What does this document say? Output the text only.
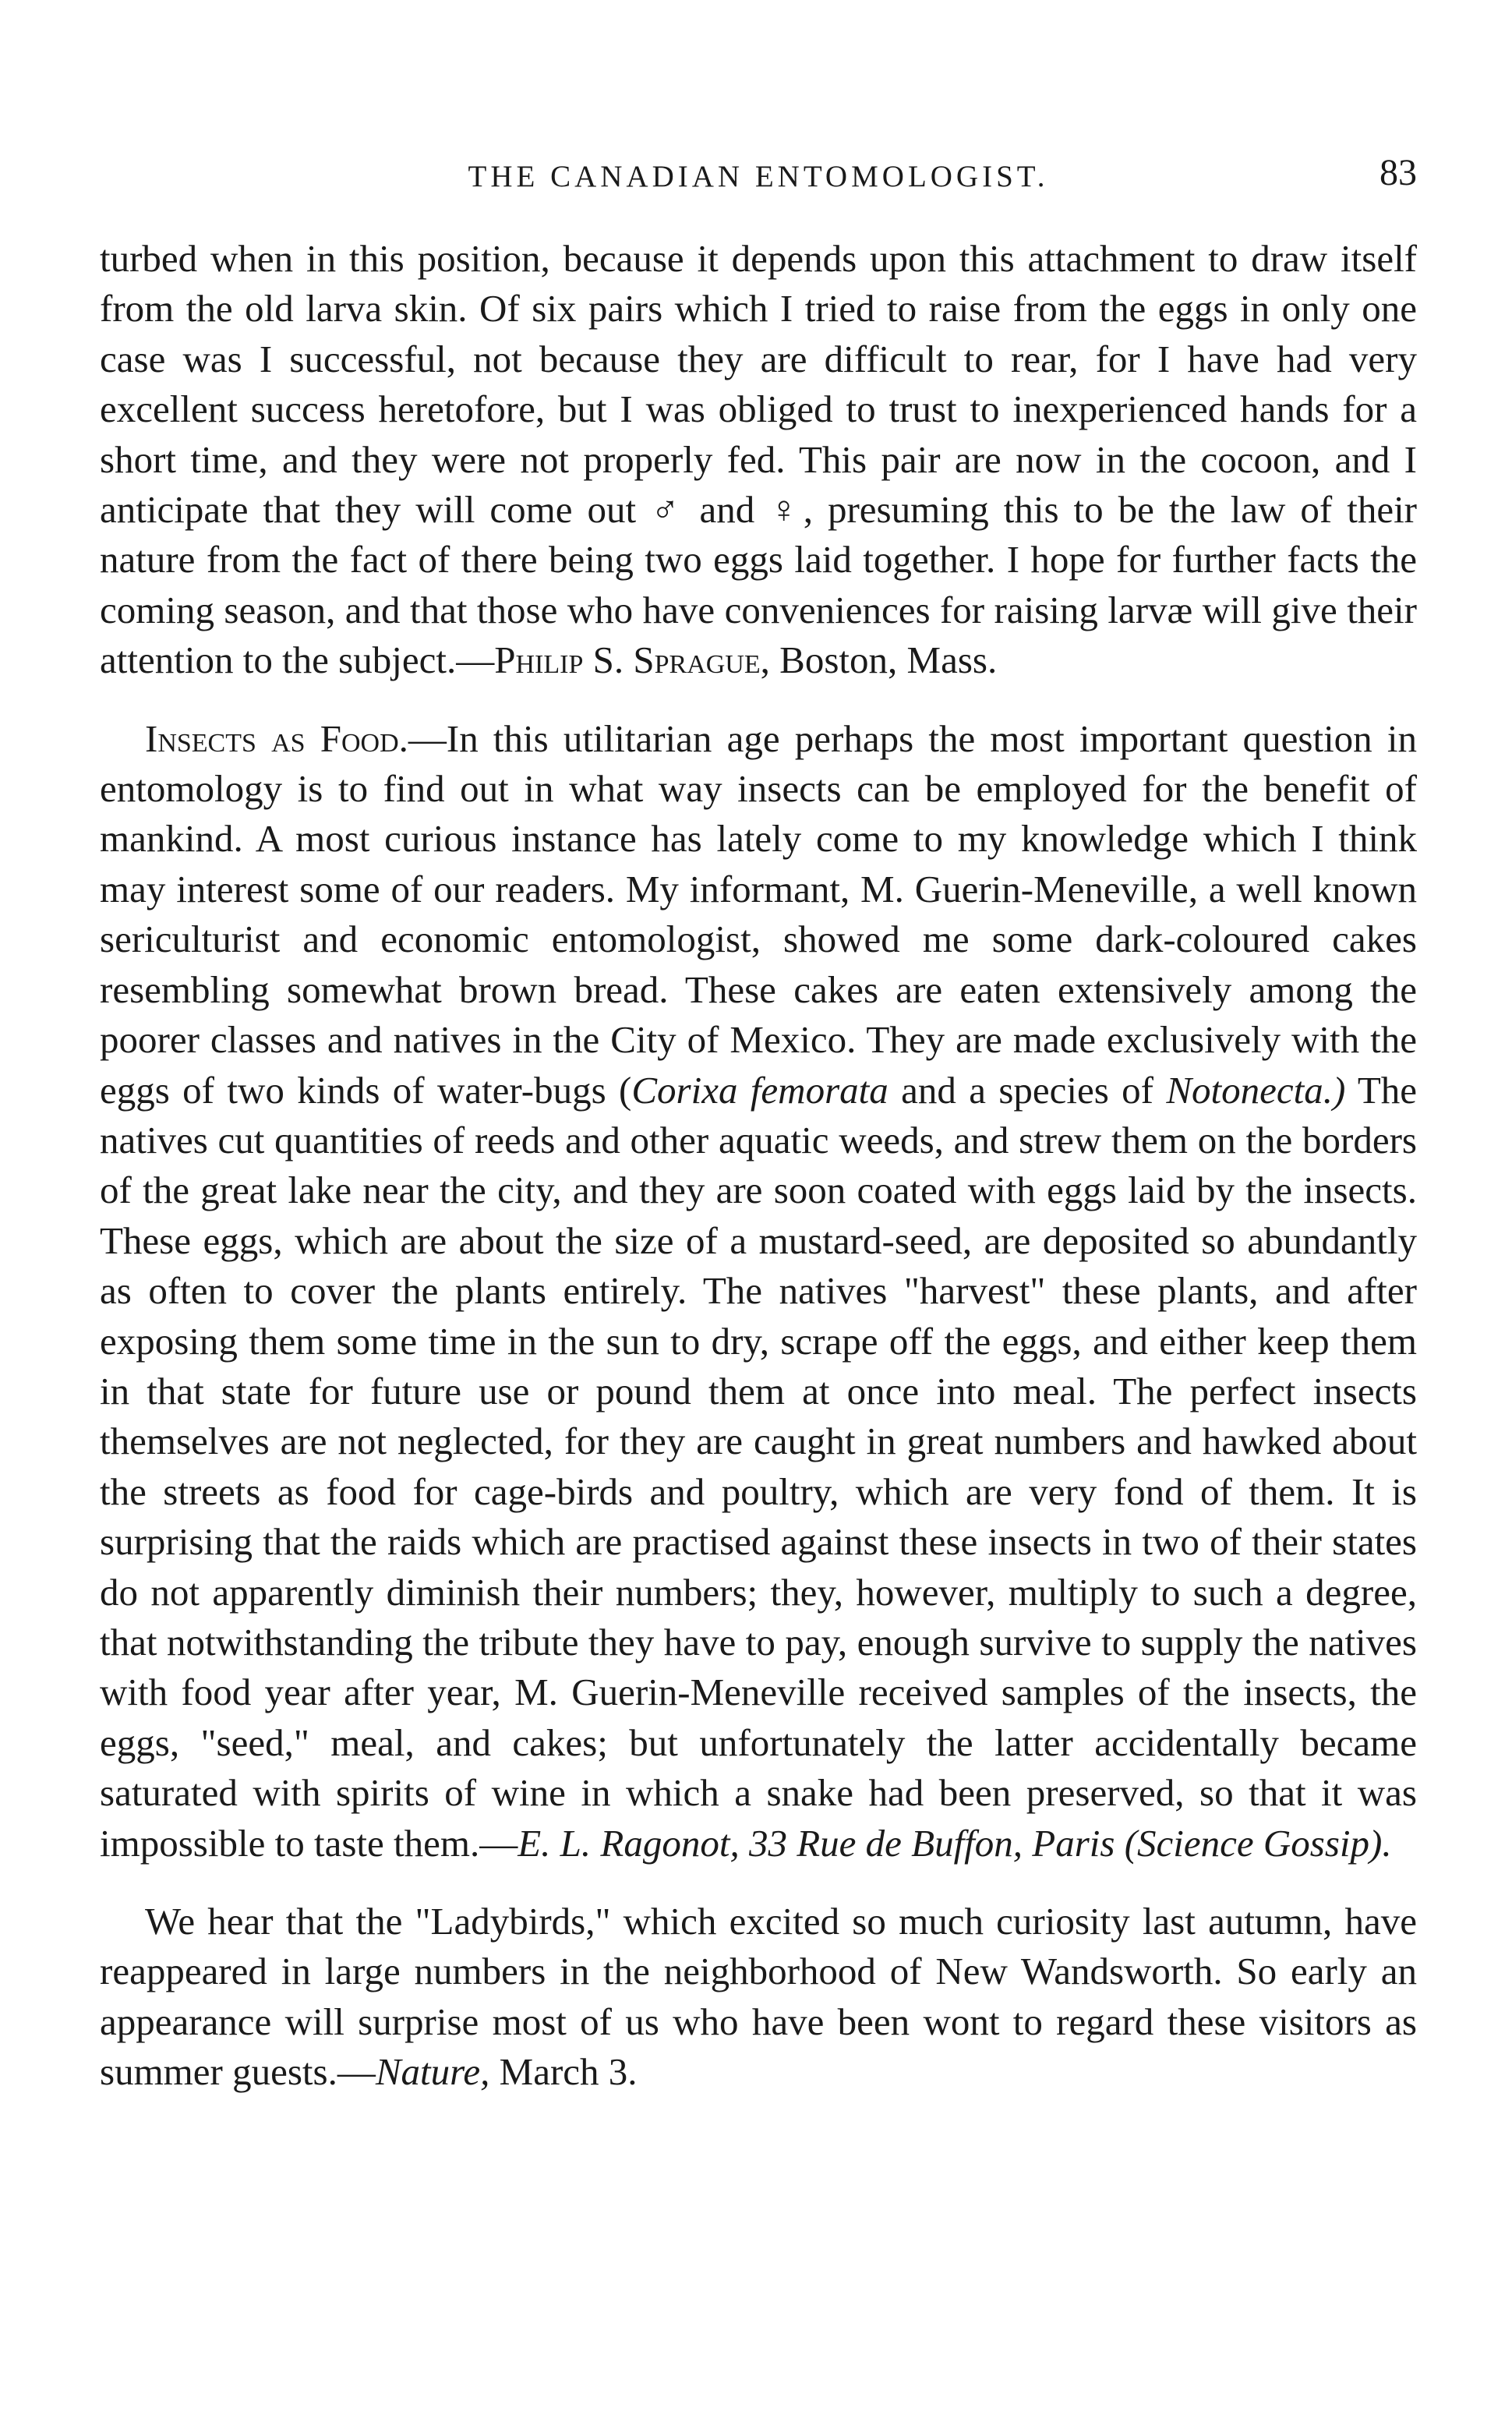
THE CANADIAN ENTOMOLOGIST.	83

turbed when in this position, because it depends upon this attachment to draw itself from the old larva skin. Of six pairs which I tried to raise from the eggs in only one case was I successful, not because they are difficult to rear, for I have had very excellent success heretofore, but I was obliged to trust to inexperienced hands for a short time, and they were not properly fed. This pair are now in the cocoon, and I anticipate that they will come out ♂ and ♀, presuming this to be the law of their nature from the fact of there being two eggs laid together. I hope for further facts the coming season, and that those who have conveniences for raising larvæ will give their attention to the subject.—Philip S. Sprague, Boston, Mass.

Insects as Food.—In this utilitarian age perhaps the most important question in entomology is to find out in what way insects can be employed for the benefit of mankind. A most curious instance has lately come to my knowledge which I think may interest some of our readers. My informant, M. Guerin-Meneville, a well known sericulturist and economic entomologist, showed me some dark-coloured cakes resembling somewhat brown bread. These cakes are eaten extensively among the poorer classes and natives in the City of Mexico. They are made exclusively with the eggs of two kinds of water-bugs (Corixa femorata and a species of Notonecta.) The natives cut quantities of reeds and other aquatic weeds, and strew them on the borders of the great lake near the city, and they are soon coated with eggs laid by the insects. These eggs, which are about the size of a mustard-seed, are deposited so abundantly as often to cover the plants entirely. The natives "harvest" these plants, and after exposing them some time in the sun to dry, scrape off the eggs, and either keep them in that state for future use or pound them at once into meal. The perfect insects themselves are not neglected, for they are caught in great numbers and hawked about the streets as food for cage-birds and poultry, which are very fond of them. It is surprising that the raids which are practised against these insects in two of their states do not apparently diminish their numbers; they, however, multiply to such a degree, that notwithstanding the tribute they have to pay, enough survive to supply the natives with food year after year, M. Guerin-Meneville received samples of the insects, the eggs, "seed," meal, and cakes; but unfortunately the latter accidentally became saturated with spirits of wine in which a snake had been preserved, so that it was impossible to taste them.—E. L. Ragonot, 33 Rue de Buffon, Paris (Science Gossip).

We hear that the "Ladybirds," which excited so much curiosity last autumn, have reappeared in large numbers in the neighborhood of New Wandsworth. So early an appearance will surprise most of us who have been wont to regard these visitors as summer guests.—Nature, March 3.
